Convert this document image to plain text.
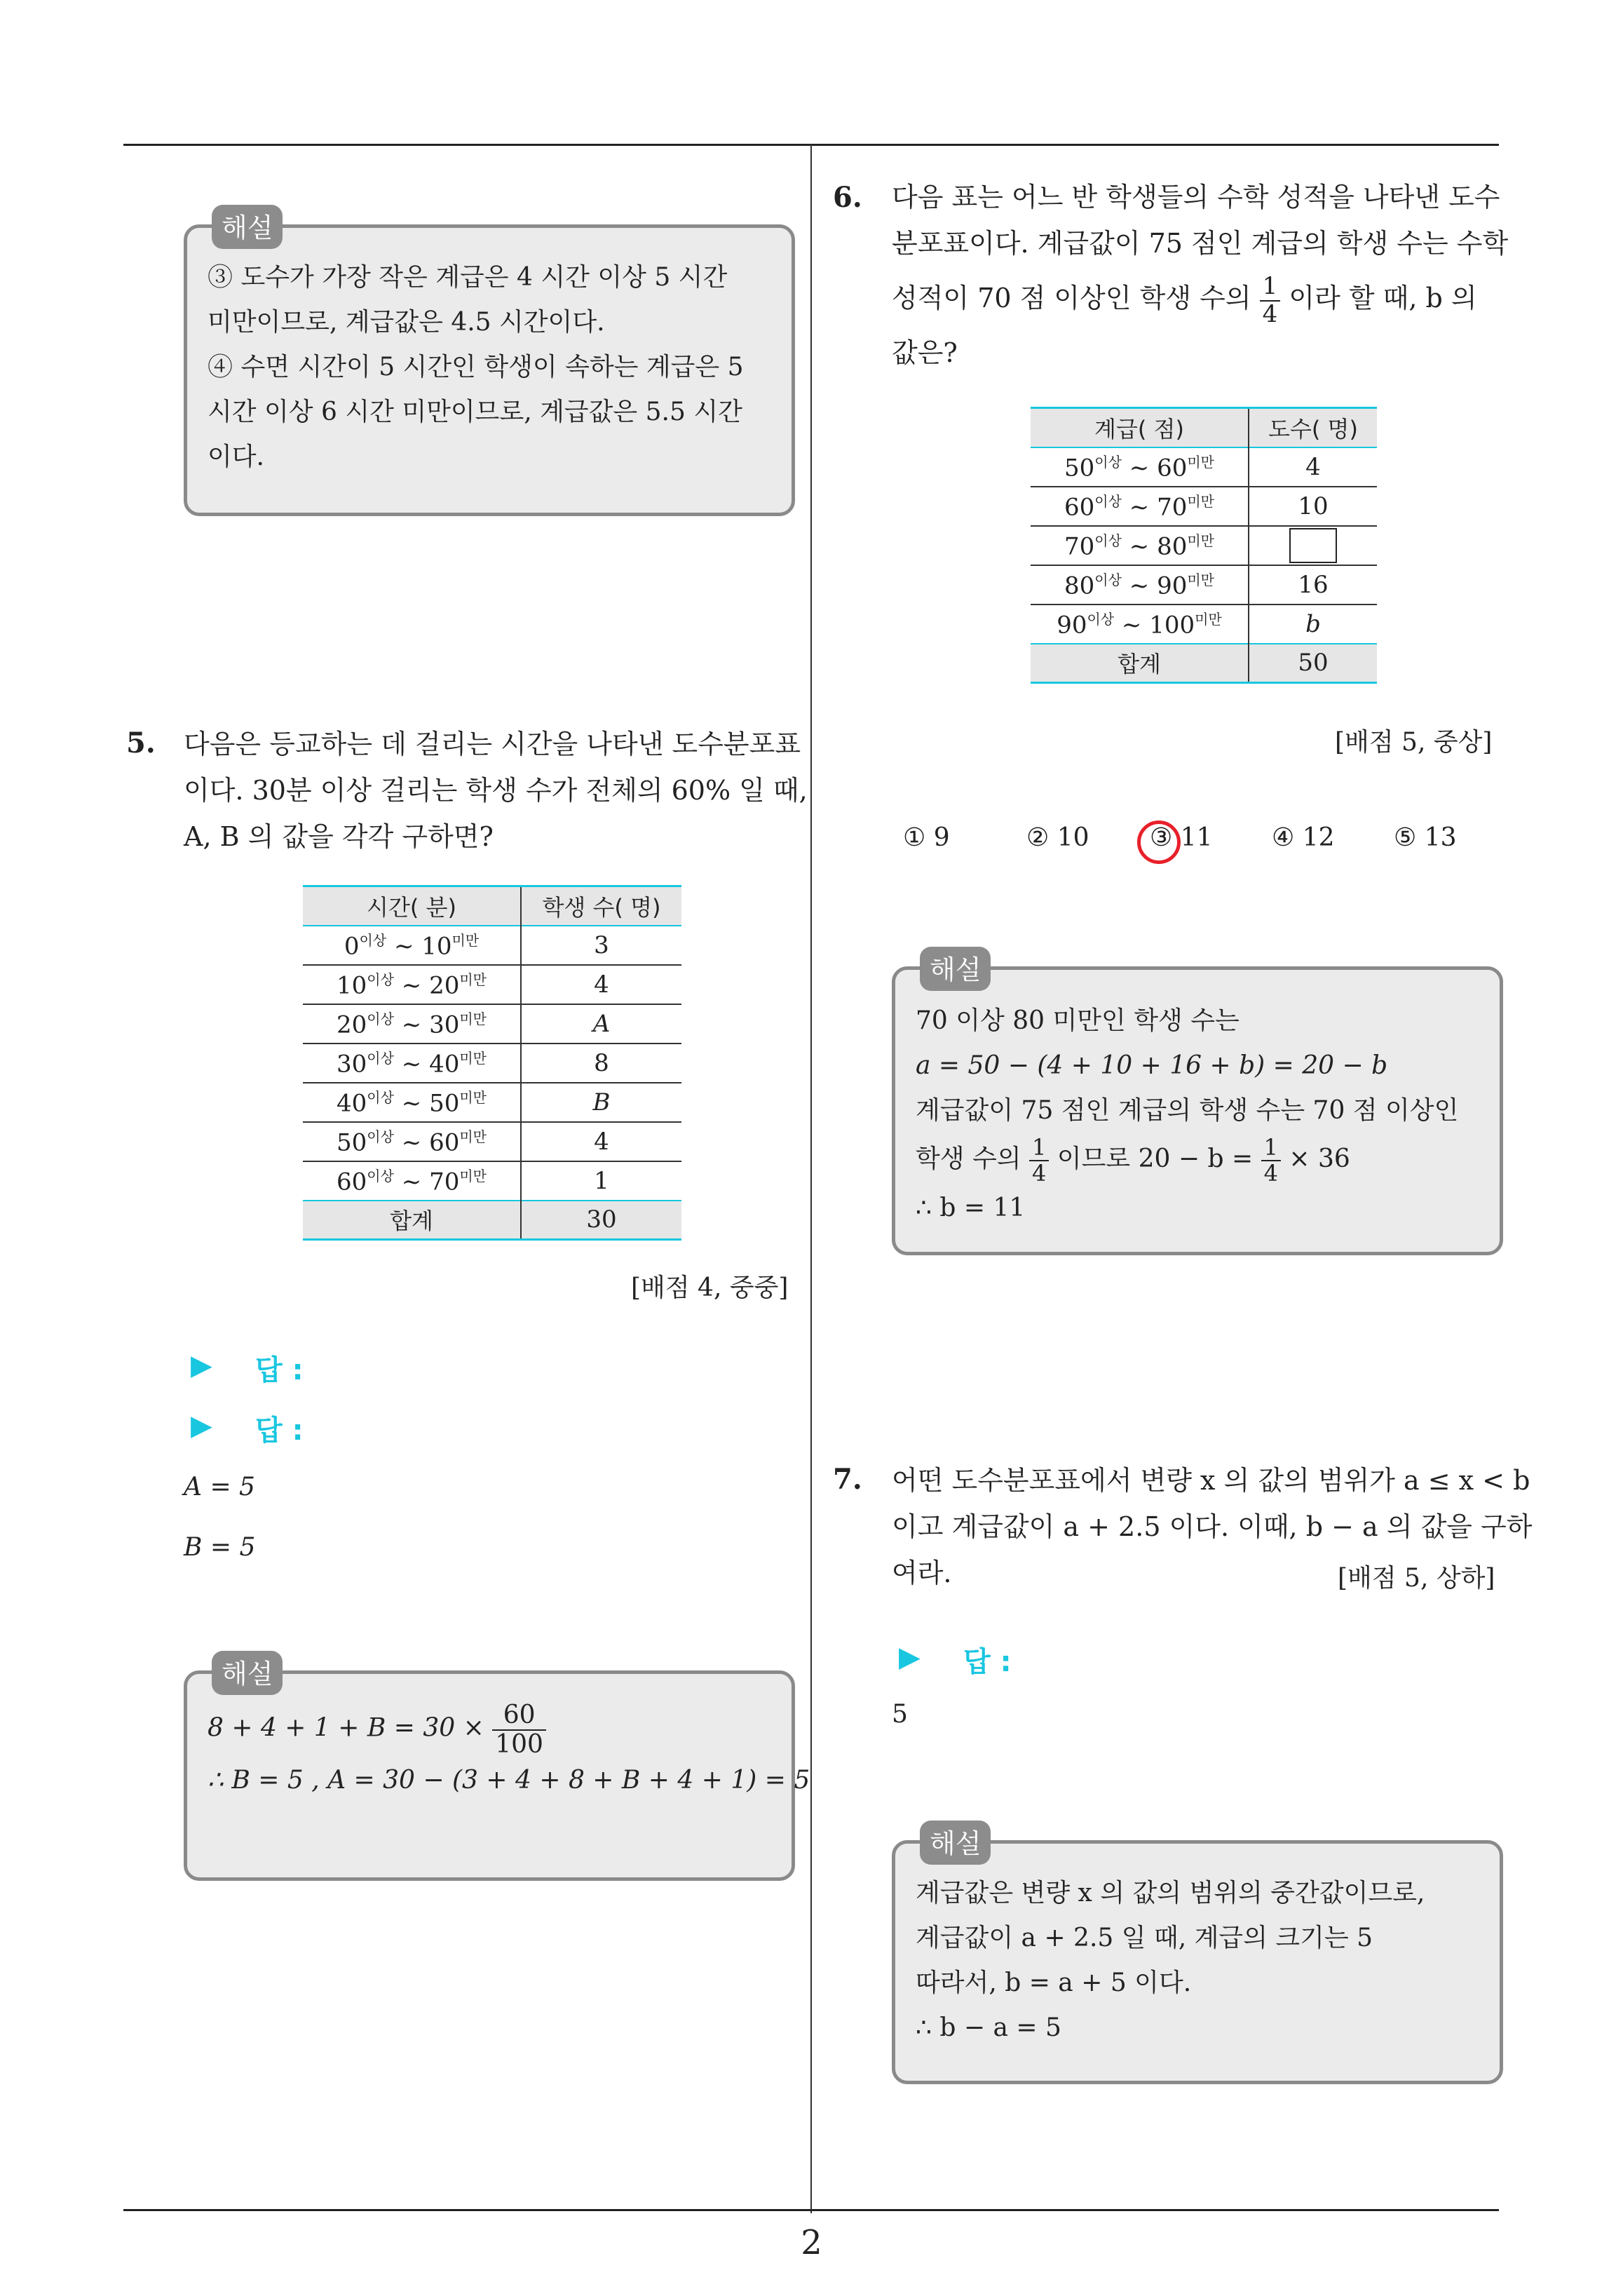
2
해설
③ 도수가 가장 작은 계급은 4 시간 이상 5 시간
미만이므로, 계급값은 4.5 시간이다.
④ 수면 시간이 5 시간인 학생이 속하는 계급은 5
시간 이상 6 시간 미만이므로, 계급값은 5.5 시간
이다.
5. 다음은 등교하는 데 걸리는 시간을 나타낸 도수분포표
이다. 30분 이상 걸리는 학생 수가 전체의 60% 일 때,
A, B 의 값을 각각 구하면?
시간( 분)	학생 수( 명)
$0^{이상}$ ∼ $10^{미만}$	3
$10^{이상}$ ∼ $20^{미만}$	4
$20^{이상}$ ∼ $30^{미만}$	A
$30^{이상}$ ∼ $40^{미만}$	8
$40^{이상}$ ∼ $50^{미만}$	B
$50^{이상}$ ∼ $60^{미만}$	4
$60^{이상}$ ∼ $70^{미만}$	1
합계	30
[배점 4, 중중]
▶ 답 :
▶ 답 :
A = 5
B = 5
해설
$8 + 4 + 1 + B = 30 \times \frac{60}{100}$
∴ B = 5 , A = 30 − (3 + 4 + 8 + B + 4 + 1) = 5
6. 다음 표는 어느 반 학생들의 수학 성적을 나타낸 도수
분포표이다. 계급값이 75 점인 계급의 학생 수는 수학
성적이 70 점 이상인 학생 수의 $\frac{1}{4}$ 이라 할 때, b 의
값은?
계급( 점)	도수( 명)
$50^{이상}$ ∼ $60^{미만}$	4
$60^{이상}$ ∼ $70^{미만}$	10
$70^{이상}$ ∼ $80^{미만}$	
$80^{이상}$ ∼ $90^{미만}$	16
$90^{이상}$ ∼ $100^{미만}$	b
합계	50
[배점 5, 중상]
① 9	② 10 ③ 11 ④ 12 ⑤ 13
해설
70 이상 80 미만인 학생 수는
a = 50 − (4 + 10 + 16 + b) = 20 − b
계급값이 75 점인 계급의 학생 수는 70 점 이상인
학생 수의 $\frac{1}{4}$ 이므로 $20 - b = \frac{1}{4} \times 36$
∴ b = 11
7. 어떤 도수분포표에서 변량 x 의 값의 범위가 a ≤ x < b
이고 계급값이 a + 2.5 이다. 이때, b − a 의 값을 구하
여라.	[배점 5, 상하]
▶ 답 :
5
해설
계급값은 변량 x 의 값의 범위의 중간값이므로,
계급값이 a + 2.5 일 때, 계급의 크기는 5
따라서, b = a + 5 이다.
∴ b − a = 5
